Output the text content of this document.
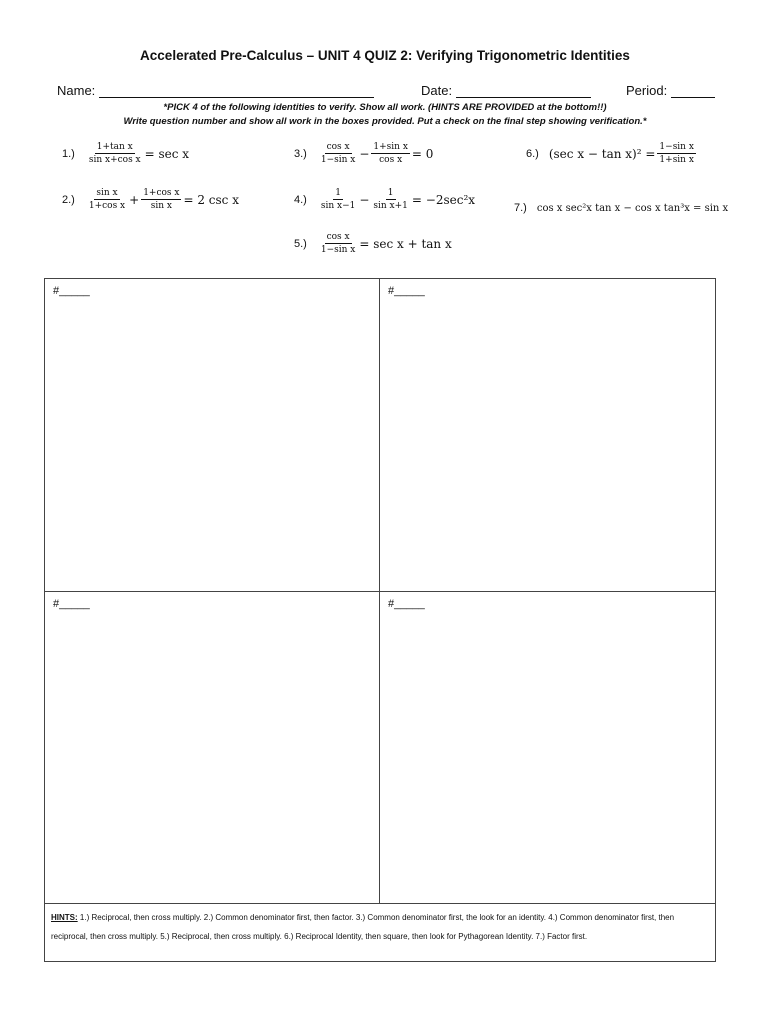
Accelerated Pre-Calculus – UNIT 4 QUIZ 2: Verifying Trigonometric Identities
Name:	Date:	Period:
*PICK 4 of the following identities to verify. Show all work. (HINTS ARE PROVIDED at the bottom!!)
Write question number and show all work in the boxes provided. Put a check on the final step showing verification.*
$1.) \frac{\text{1+tan x}}{\text{sin x+cos x}} = \sec x$
$2.) \frac{\text{sin x}}{\text{1+cos x}} + \frac{\text{1+cos x}}{\text{sin x}} = 2$ csc x
$3.) \frac{\text{cos x}}{\text{1−sin x}} - \frac{\text{1+sin x}}{\text{cos x}} = 0$
$4.) \frac{1}{\text{sin x−1}} - \frac{1}{\text{sin x+1}} = -2\sec^2x$
$5.) \frac{\text{cos x}}{\text{1−sin x}} = \sec x + \tan x$
6.) (sec $x - \tan x)^2 = \frac{\text{1−sin x}}{\text{1+sin x}}$
7.) cos x sec²x tan x − cos x tan³x = sin x
#_____	#_____
#_____	#_____
HINTS: 1.) Reciprocal, then cross multiply. 2.) Common denominator first, then factor. 3.) Common denominator first, the look for an identity. 4.) Common denominator first, then reciprocal, then cross multiply. 5.) Reciprocal, then cross multiply. 6.) Reciprocal Identity, then square, then look for Pythagorean Identity. 7.) Factor first.
